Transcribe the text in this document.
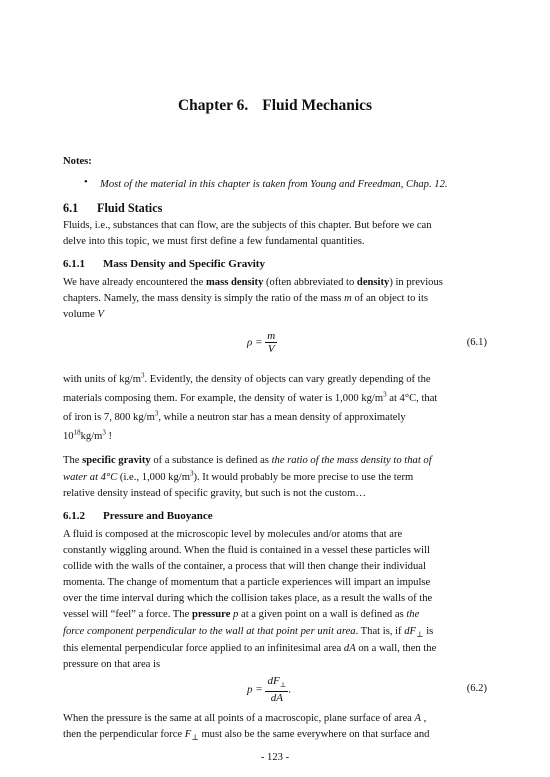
Chapter 6. Fluid Mechanics
Notes:
• Most of the material in this chapter is taken from Young and Freedman, Chap. 12.
6.1 Fluid Statics
Fluids, i.e., substances that can flow, are the subjects of this chapter. But before we can
delve into this topic, we must first define a few fundamental quantities.
6.1.1 Mass Density and Specific Gravity
We have already encountered the mass density (often abbreviated to density) in previous
chapters. Namely, the mass density is simply the ratio of the mass m of an object to its
volume V
$\rho = \frac{m}{V}$	(6.1)
with units of $kg/m^3$. Evidently, the density of objects can vary greatly depending of the
materials composing them. For example, the density of water is 1,000 $kg/m^3$ at 4°C, that
of iron is 7, 800 $kg/m^3$, while a neutron star has a mean density of approximately
$10^{18}kg/m^3$ !
The specific gravity of a substance is defined as the ratio of the mass density to that of
water at 4°C (i.e., 1,000 $kg/m^3$). It would probably be more precise to use the term
relative density instead of specific gravity, but such is not the custom…
6.1.2 Pressure and Buoyance
A fluid is composed at the microscopic level by molecules and/or atoms that are
constantly wiggling around. When the fluid is contained in a vessel these particles will
collide with the walls of the container, a process that will then change their individual
momenta. The change of momentum that a particle experiences will impart an impulse
over the time interval during which the collision takes place, as a result the walls of the
vessel will “feel” a force. The pressure p at a given point on a wall is defined as the
force component perpendicular to the wall at that point per unit area. That is, if $dF_\perp$ is
this elemental perpendicular force applied to an infinitesimal area dA on a wall, then the
pressure on that area is
$p = \frac{dF_\perp}{dA}$ .	(6.2)
When the pressure is the same at all points of a macroscopic, plane surface of area A ,
then the perpendicular force $F_\perp$ must also be the same everywhere on that surface and
- 123 -
